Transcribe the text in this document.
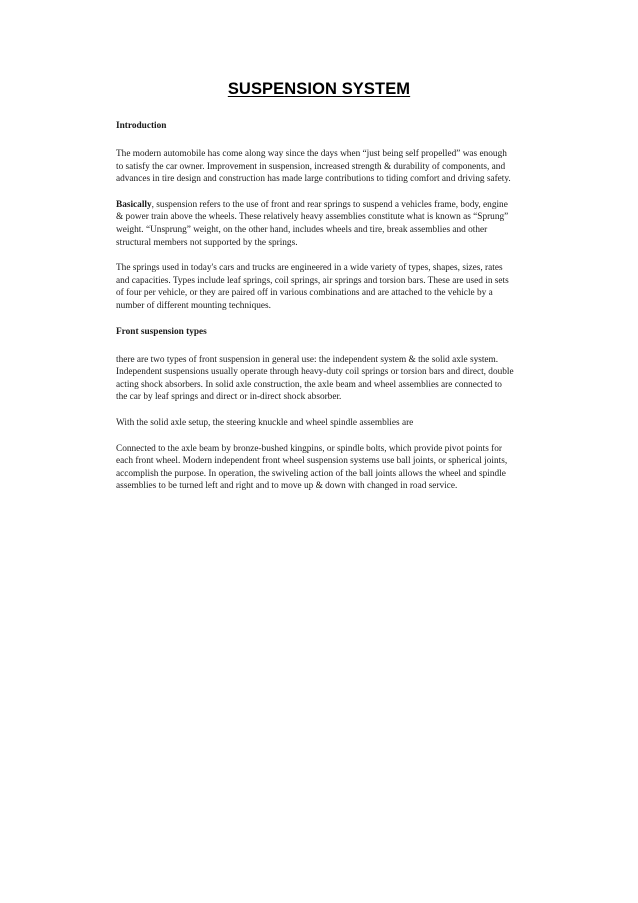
SUSPENSION SYSTEM
Introduction

The modern automobile has come along way since the days when “just being self propelled” was enough to satisfy the car owner. Improvement in suspension, increased strength & durability of components, and advances in tire design and construction has made large contributions to tiding comfort and driving safety.

Basically, suspension refers to the use of front and rear springs to suspend a vehicles frame, body, engine & power train above the wheels. These relatively heavy assemblies constitute what is known as “Sprung” weight. “Unsprung” weight, on the other hand, includes wheels and tire, break assemblies and other structural members not supported by the springs.

The springs used in today's cars and trucks are engineered in a wide variety of types, shapes, sizes, rates and capacities. Types include leaf springs, coil springs, air springs and torsion bars. These are used in sets of four per vehicle, or they are paired off in various combinations and are attached to the vehicle by a number of different mounting techniques.

Front suspension types

there are two types of front suspension in general use: the independent system & the solid axle system. Independent suspensions usually operate through heavy-duty coil springs or torsion bars and direct, double acting shock absorbers. In solid axle construction, the axle beam and wheel assemblies are connected to the car by leaf springs and direct or in-direct shock absorber.

With the solid axle setup, the steering knuckle and wheel spindle assemblies are

Connected to the axle beam by bronze-bushed kingpins, or spindle bolts, which provide pivot points for each front wheel. Modern independent front wheel suspension systems use ball joints, or spherical joints, accomplish the purpose. In operation, the swiveling action of the ball joints allows the wheel and spindle assemblies to be turned left and right and to move up & down with changed in road service.
